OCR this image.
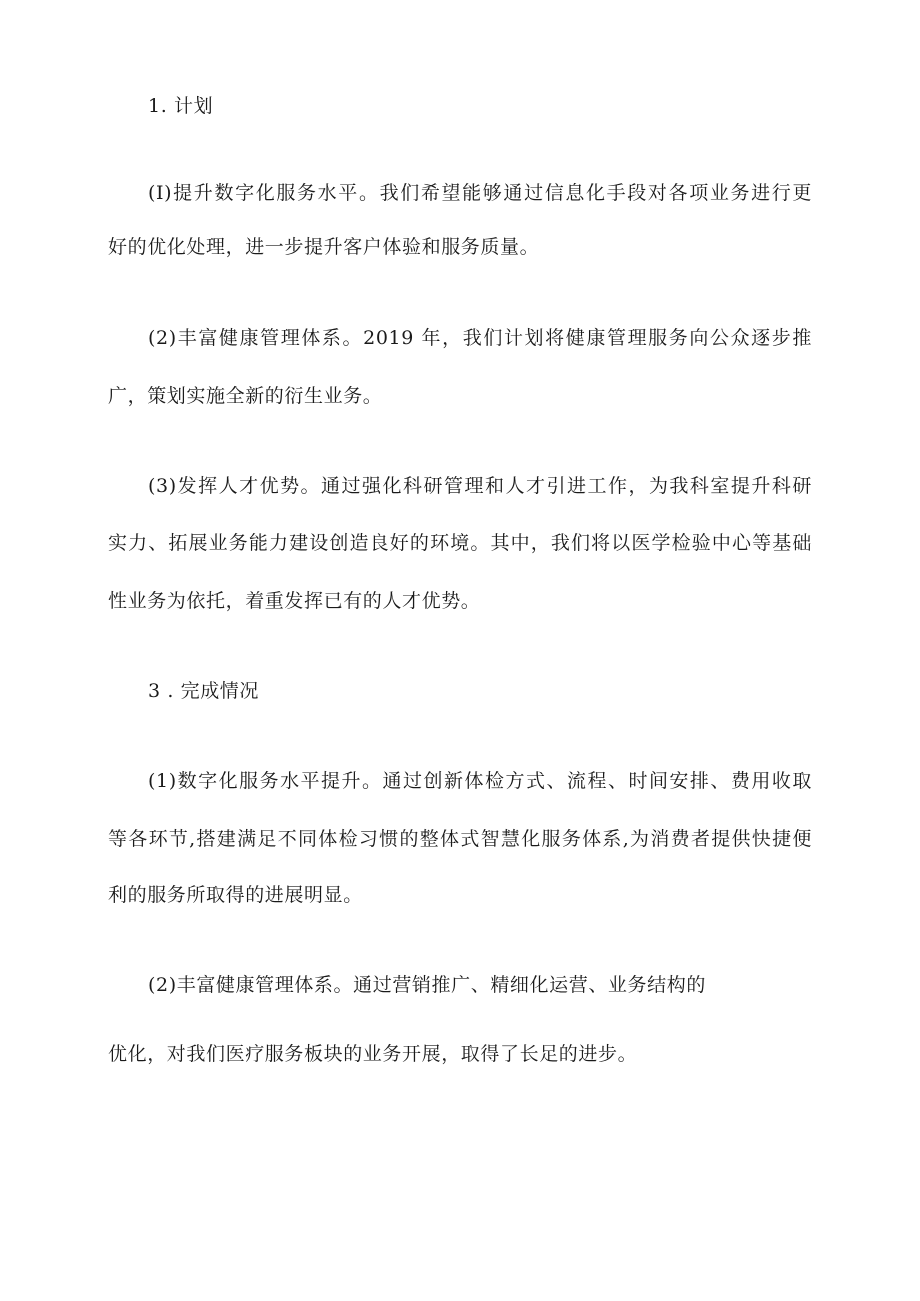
1. 计划
(I)提升数字化服务水平。我们希望能够通过信息化手段对各项业务进行更
好的优化处理，进一步提升客户体验和服务质量。
(2)丰富健康管理体系。2019 年，我们计划将健康管理服务向公众逐步推
广，策划实施全新的衍生业务。
(3)发挥人才优势。通过强化科研管理和人才引进工作，为我科室提升科研
实力、拓展业务能力建设创造良好的环境。其中，我们将以医学检验中心等基础
性业务为依托，着重发挥已有的人才优势。
3 . 完成情况
(1)数字化服务水平提升。通过创新体检方式、流程、时间安排、费用收取
等各环节,搭建满足不同体检习惯的整体式智慧化服务体系,为消费者提供快捷便
利的服务所取得的进展明显。
(2)丰富健康管理体系。通过营销推广、精细化运营、业务结构的
优化，对我们医疗服务板块的业务开展，取得了长足的进步。
